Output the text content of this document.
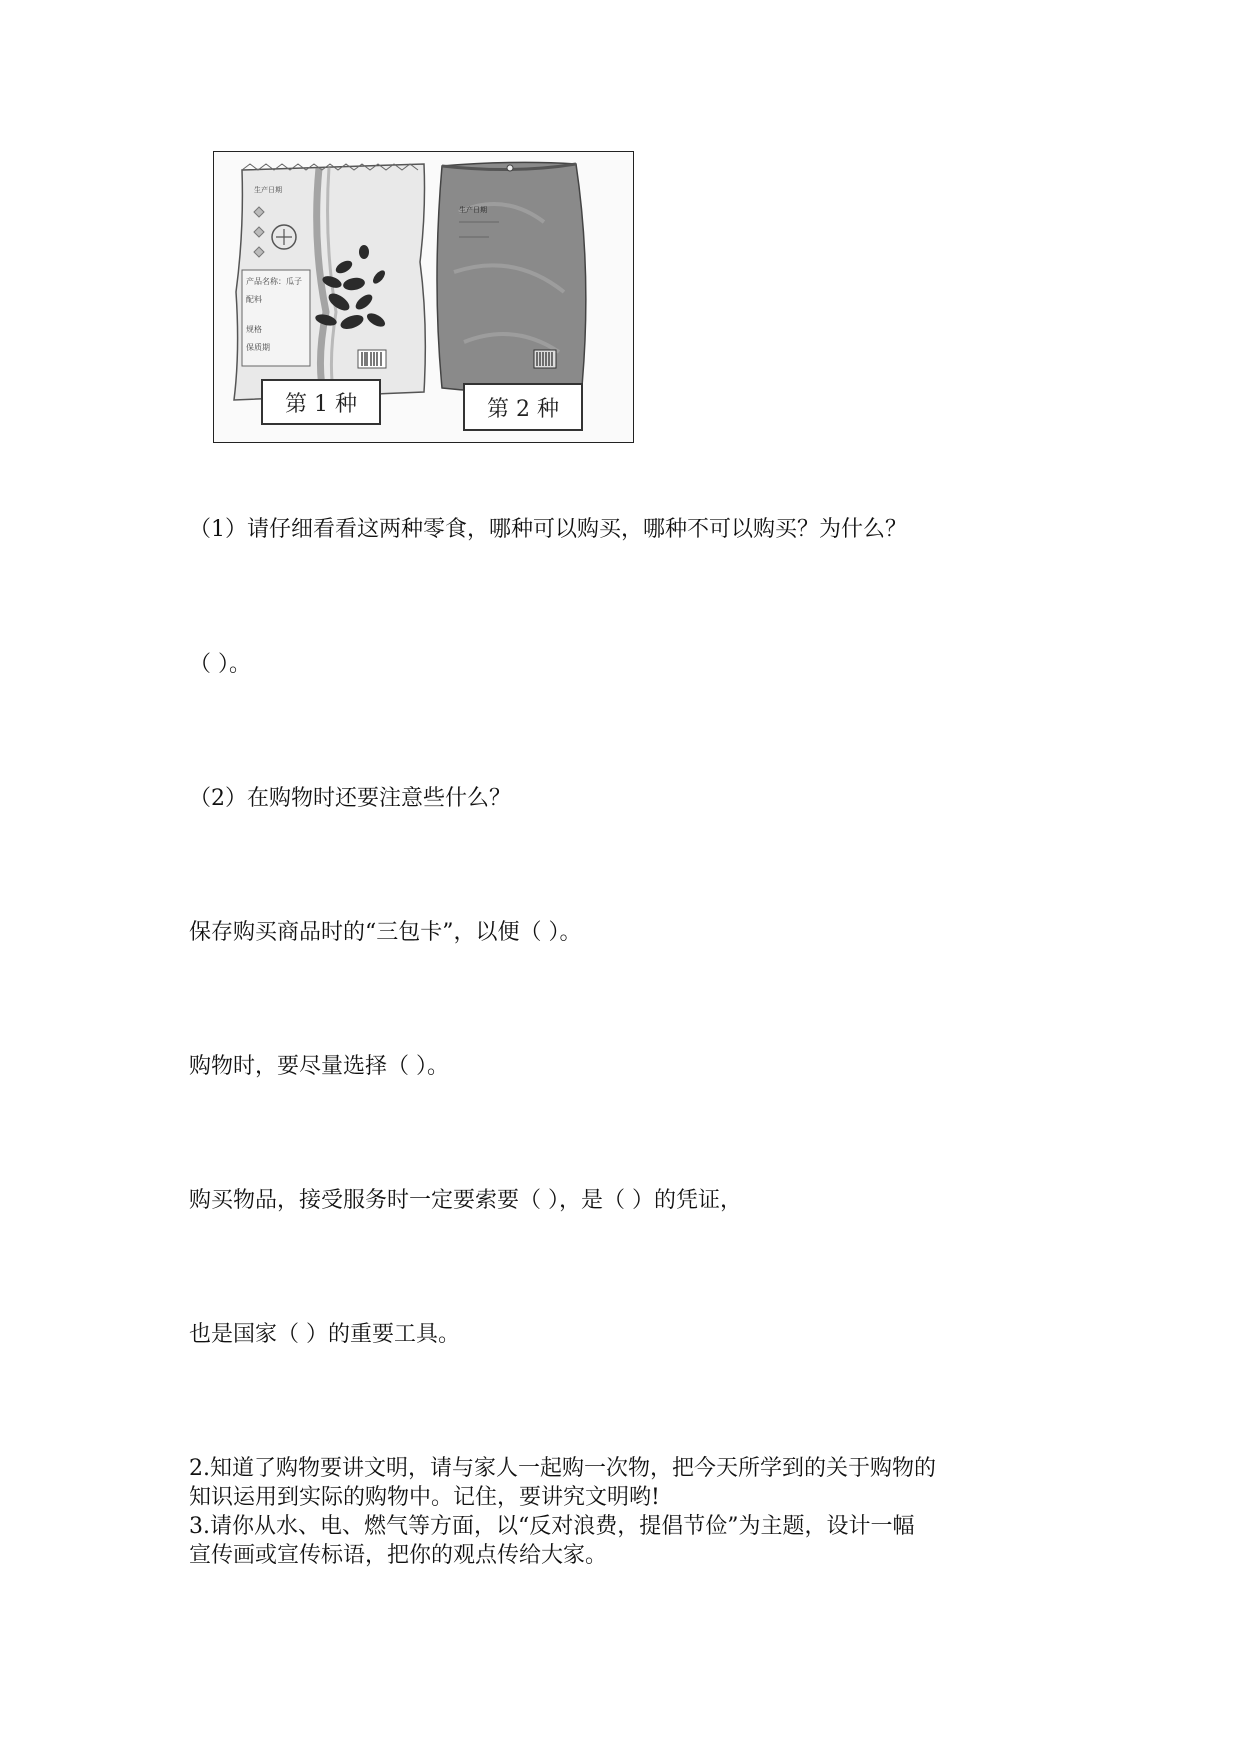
产品名称：瓜子
配料
规格
保质期
生产日期
第 1 种
生产日期
第 2 种
（1）请仔细看看这两种零食，哪种可以购买，哪种不可以购买？为什么？
（ ）。
（2）在购物时还要注意些什么？
保存购买商品时的“三包卡”，以便（ ）。
购物时，要尽量选择（ ）。
购买物品，接受服务时一定要索要（ ），是（ ）的凭证，
也是国家（ ）的重要工具。
2.知道了购物要讲文明，请与家人一起购一次物，把今天所学到的关于购物的
知识运用到实际的购物中。记住，要讲究文明哟!
3.请你从水、电、燃气等方面，以“反对浪费，提倡节俭”为主题，设计一幅
宣传画或宣传标语，把你的观点传给大家。
